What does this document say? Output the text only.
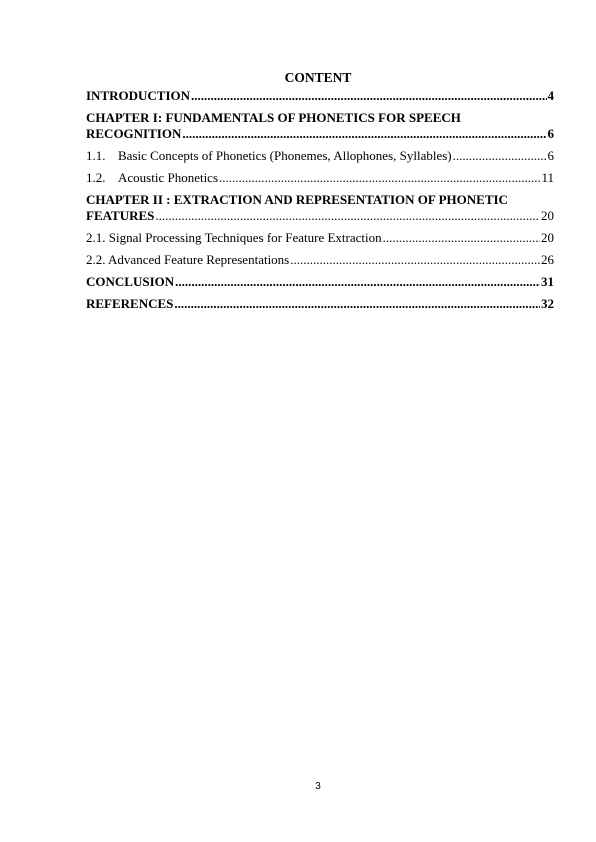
CONTENT
INTRODUCTION .....	4
CHAPTER I: FUNDAMENTALS OF PHONETICS FOR SPEECH
RECOGNITION .....	6
1.1. Basic Concepts of Phonetics (Phonemes, Allophones, Syllables) .....	6
1.2. Acoustic Phonetics .....	11
CHAPTER II : EXTRACTION AND REPRESENTATION OF PHONETIC
FEATURES .....	20
2.1. Signal Processing Techniques for Feature Extraction .....	20
2.2. Advanced Feature Representations .....	26
CONCLUSION .....	31
REFERENCES .....	32
3
